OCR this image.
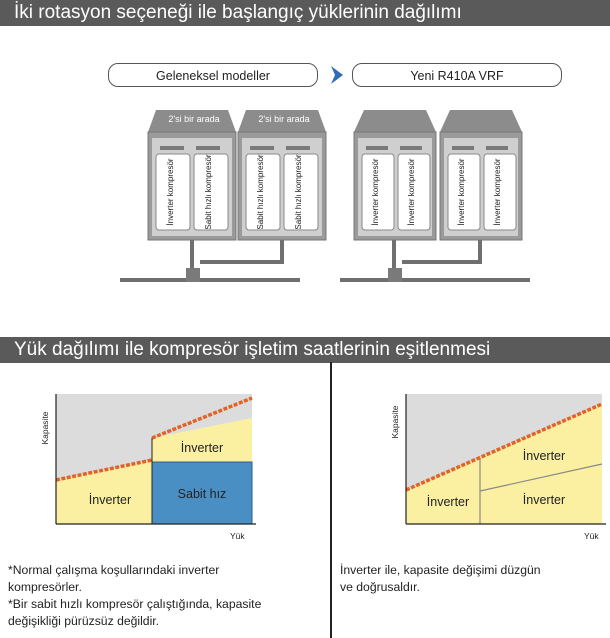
İki rotasyon seçeneği ile başlangıç yüklerinin dağılımı
Geleneksel modeller	Yeni R410A VRF
2'si bir arada	2'si bir arada
İnverter kompresör	Sabit hızlı kompresör	Sabit hızlı kompresör	Sabit hızlı kompresör	İnverter kompresör	İnverter kompresör	İnverter kompresör	İnverter kompresör
Yük dağılımı ile kompresör işletim saatlerinin eşitlenmesi
Kapasite
Yük
İnverter
İnverter
Sabit hız
Kapasite
Yük
İnverter
İnverter
İnverter
*Normal çalışma koşullarındaki inverter
kompresörler.
*Bir sabit hızlı kompresör çalıştığında, kapasite
değişikliği pürüzsüz değildir.
İnverter ile, kapasite değişimi düzgün
ve doğrusaldır.
